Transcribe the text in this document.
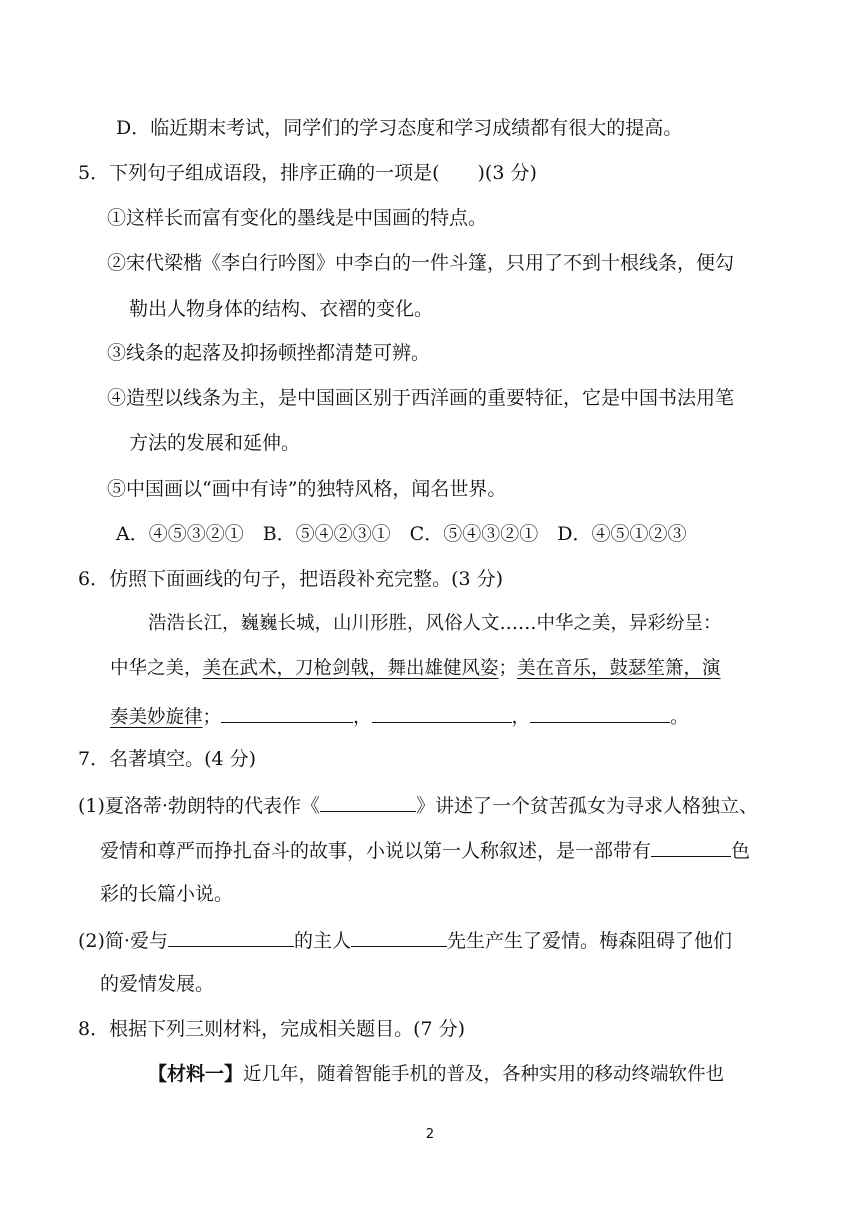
D．临近期末考试，同学们的学习态度和学习成绩都有很大的提高。
5．下列句子组成语段，排序正确的一项是(　　)(3 分)
①这样长而富有变化的墨线是中国画的特点。
②宋代梁楷《李白行吟图》中李白的一件斗篷，只用了不到十根线条，便勾
勒出人物身体的结构、衣褶的变化。
③线条的起落及抑扬顿挫都清楚可辨。
④造型以线条为主，是中国画区别于西洋画的重要特征，它是中国书法用笔
方法的发展和延伸。
⑤中国画以“画中有诗”的独特风格，闻名世界。
A．④⑤③②①　B．⑤④②③①　C．⑤④③②①　D．④⑤①②③
6．仿照下面画线的句子，把语段补充完整。(3 分)
浩浩长江，巍巍长城，山川形胜，风俗人文……中华之美，异彩纷呈：
中华之美，美在武术，刀枪剑戟，舞出雄健风姿；美在音乐，鼓瑟笙箫，演
奏美妙旋律；	，	，	。
7．名著填空。(4 分)
(1)夏洛蒂·勃朗特的代表作《	》讲述了一个贫苦孤女为寻求人格独立、
爱情和尊严而挣扎奋斗的故事，小说以第一人称叙述，是一部带有	色
彩的长篇小说。
(2)简·爱与	的主人	先生产生了爱情。梅森阻碍了他们
的爱情发展。
8．根据下列三则材料，完成相关题目。(7 分)
【材料一】近几年，随着智能手机的普及，各种实用的移动终端软件也
2
